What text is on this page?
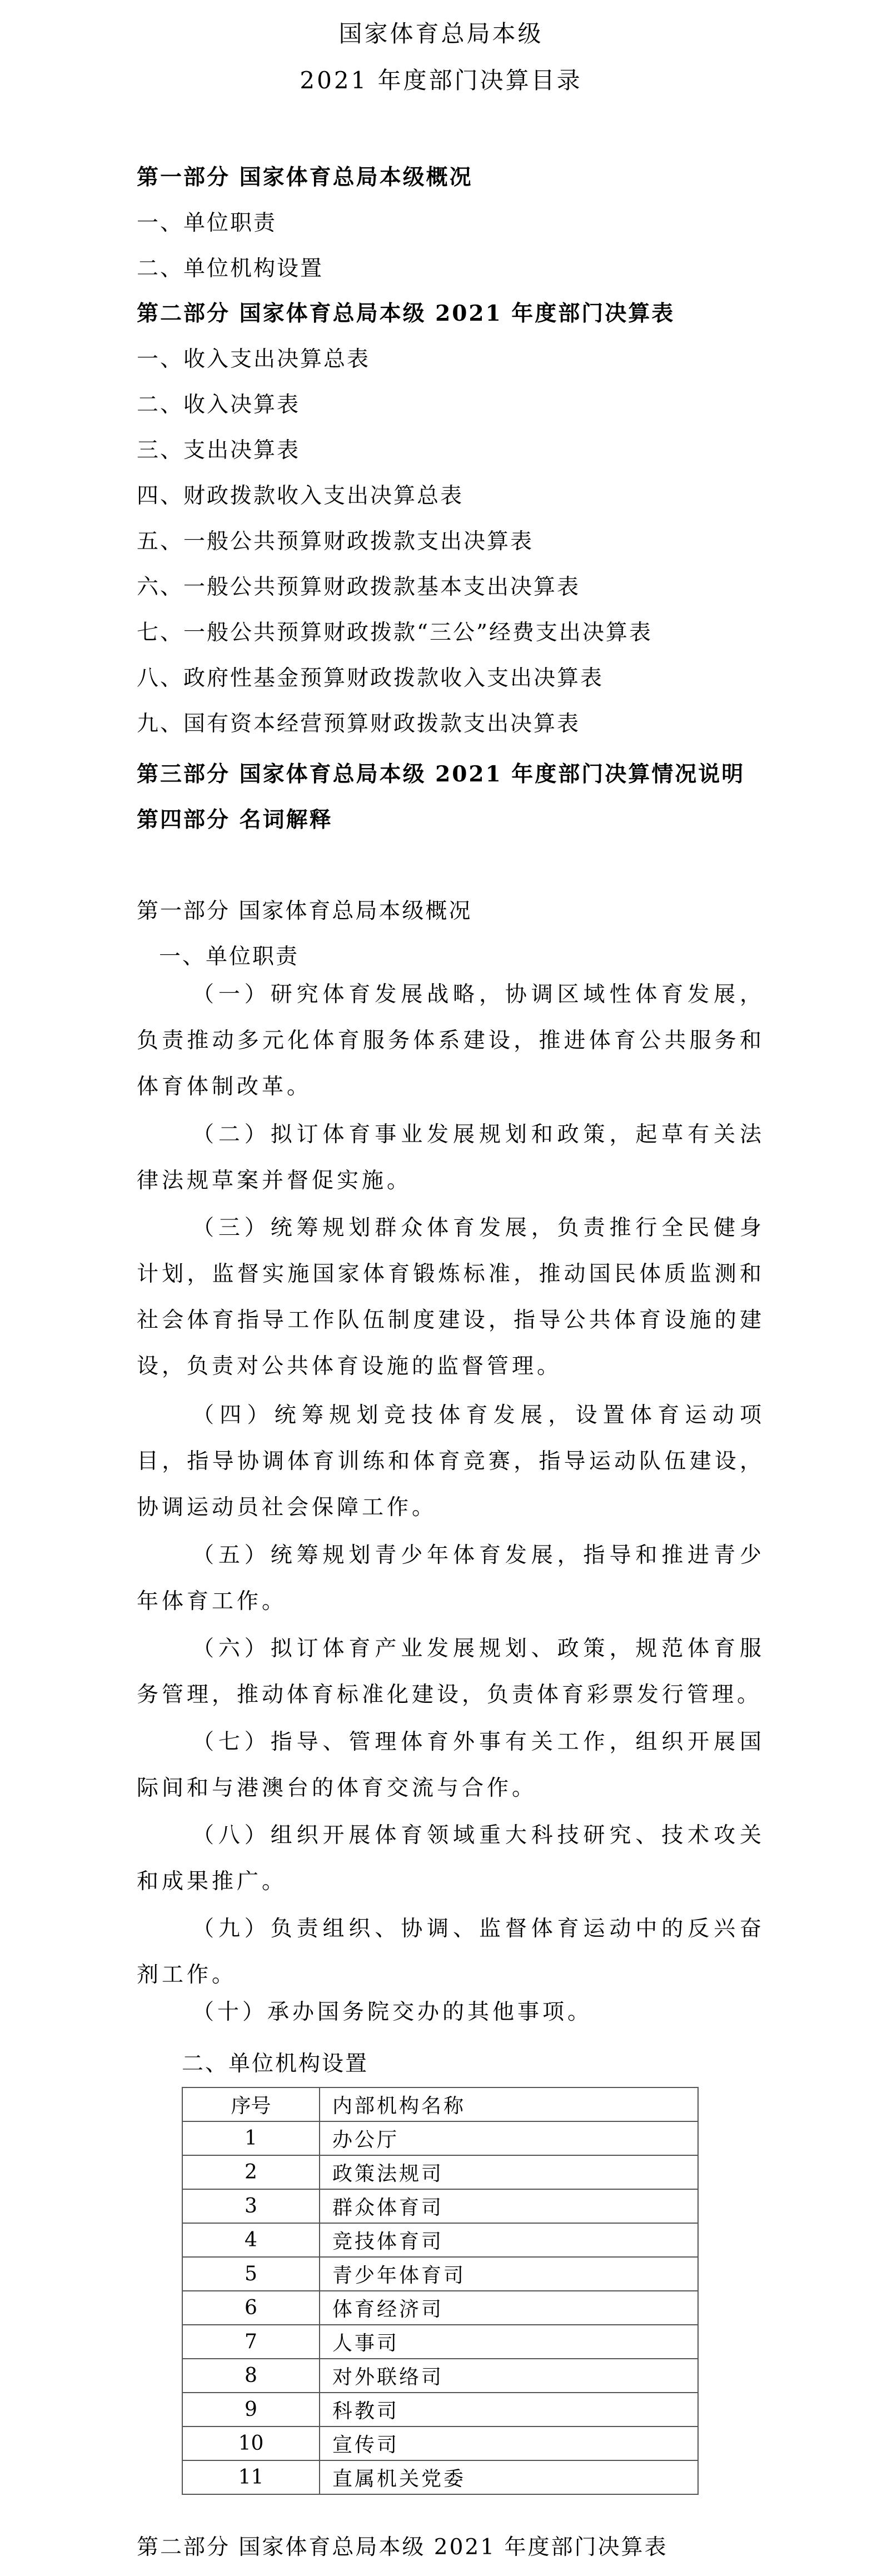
国家体育总局本级
2021 年度部门决算目录
第一部分 国家体育总局本级概况
一、单位职责
二、单位机构设置
第二部分 国家体育总局本级 2021 年度部门决算表
一、收入支出决算总表
二、收入决算表
三、支出决算表
四、财政拨款收入支出决算总表
五、一般公共预算财政拨款支出决算表
六、一般公共预算财政拨款基本支出决算表
七、一般公共预算财政拨款“三公”经费支出决算表
八、政府性基金预算财政拨款收入支出决算表
九、国有资本经营预算财政拨款支出决算表
第三部分 国家体育总局本级 2021 年度部门决算情况说明
第四部分 名词解释
第一部分 国家体育总局本级概况
一、单位职责
（一）研究体育发展战略，协调区域性体育发展，负责推动多元化体育服务体系建设，推进体育公共服务和体育体制改革。
（二）拟订体育事业发展规划和政策，起草有关法律法规草案并督促实施。
（三）统筹规划群众体育发展，负责推行全民健身计划，监督实施国家体育锻炼标准，推动国民体质监测和社会体育指导工作队伍制度建设，指导公共体育设施的建设，负责对公共体育设施的监督管理。
（四）统筹规划竞技体育发展，设置体育运动项目，指导协调体育训练和体育竞赛，指导运动队伍建设，协调运动员社会保障工作。
（五）统筹规划青少年体育发展，指导和推进青少年体育工作。
（六）拟订体育产业发展规划、政策，规范体育服务管理，推动体育标准化建设，负责体育彩票发行管理。
（七）指导、管理体育外事有关工作，组织开展国际间和与港澳台的体育交流与合作。
（八）组织开展体育领域重大科技研究、技术攻关和成果推广。
（九）负责组织、协调、监督体育运动中的反兴奋剂工作。
（十）承办国务院交办的其他事项。
二、单位机构设置
序号	内部机构名称
1	办公厅
2	政策法规司
3	群众体育司
4	竞技体育司
5	青少年体育司
6	体育经济司
7	人事司
8	对外联络司
9	科教司
10	宣传司
11	直属机关党委
第二部分 国家体育总局本级 2021 年度部门决算表
